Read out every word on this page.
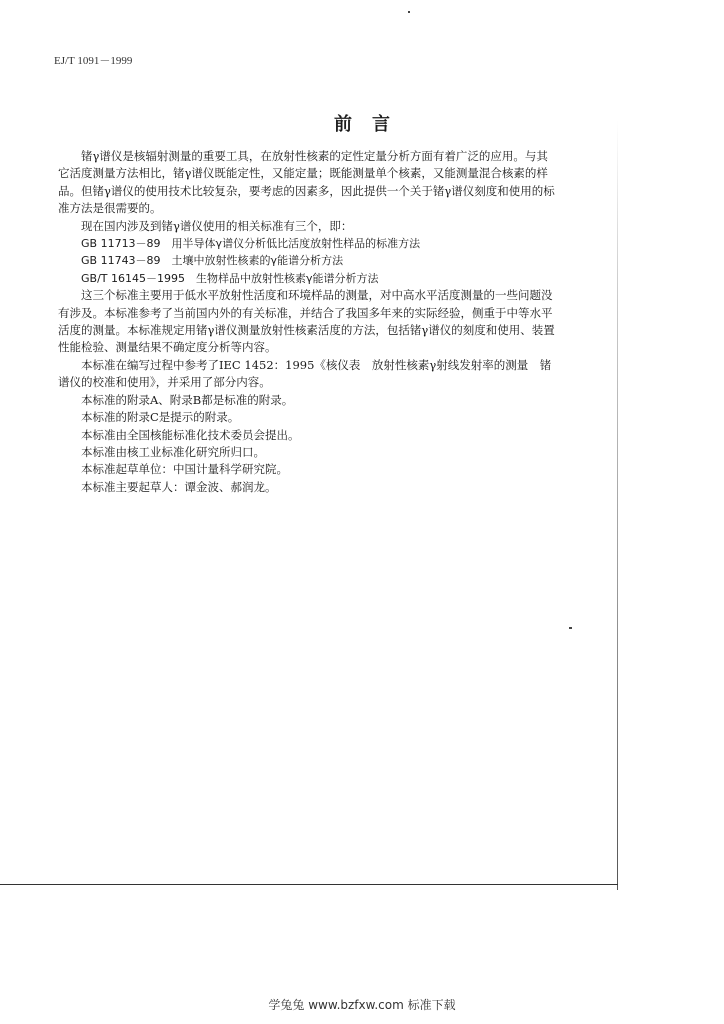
EJ/T 1091－1999
前言

锗γ谱仪是核辐射测量的重要工具，在放射性核素的定性定量分析方面有着广泛的应用。与其它活度测量方法相比，锗γ谱仪既能定性，又能定量；既能测量单个核素，又能测量混合核素的样品。但锗γ谱仪的使用技术比较复杂，要考虑的因素多，因此提供一个关于锗γ谱仪刻度和使用的标准方法是很需要的。

现在国内涉及到锗γ谱仪使用的相关标准有三个，即：

GB 11713－89　用半导体γ谱仪分析低比活度放射性样品的标准方法

GB 11743－89　土壤中放射性核素的γ能谱分析方法

GB/T 16145－1995　生物样品中放射性核素γ能谱分析方法

这三个标准主要用于低水平放射性活度和环境样品的测量，对中高水平活度测量的一些问题没有涉及。本标准参考了当前国内外的有关标准，并结合了我国多年来的实际经验，侧重于中等水平活度的测量。本标准规定用锗γ谱仪测量放射性核素活度的方法，包括锗γ谱仪的刻度和使用、装置性能检验、测量结果不确定度分析等内容。

本标准在编写过程中参考了IEC 1452：1995《核仪表　放射性核素γ射线发射率的测量　锗谱仪的校准和使用》，并采用了部分内容。

本标准的附录A、附录B都是标准的附录。

本标准的附录C是提示的附录。

本标准由全国核能标准化技术委员会提出。

本标准由核工业标准化研究所归口。

本标准起草单位：中国计量科学研究院。

本标准主要起草人：谭金波、郝润龙。

学兔兔 www.bzfxw.com 标准下载
